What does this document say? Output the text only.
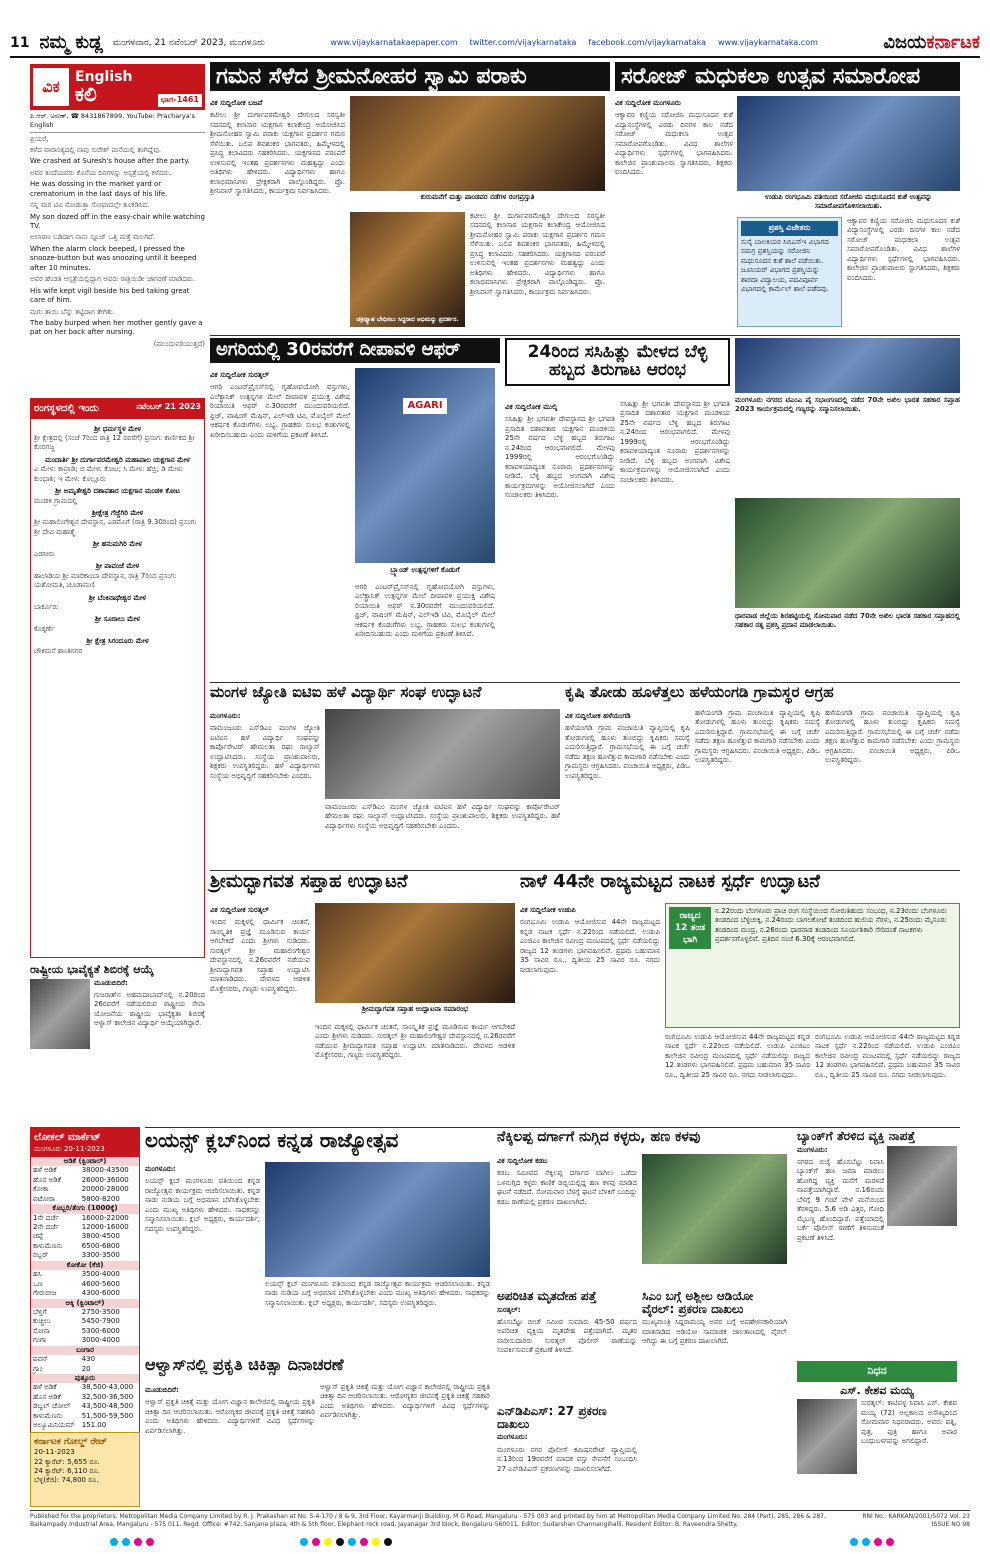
11 ನಮ್ಮ ಕುಡ್ಲ ಮಂಗಳವಾರ, 21 ನವೆಂಬರ್ 2023, ಮಂಗಳೂರು	www.vijaykarnatakaepaper.com twitter.com/vijaykarnataka facebook.com/vijaykarnataka www.vijaykarnataka.com	ವಿಜಯಕರ್ನಾಟಕ
ವಿಕ
English
ಕಲಿ	ಭಾಗ-1461

ಪಿ.ಆರ್. ಅರುಣ್, ☎ 8431867899, YouTube: Pracharya's English

ಪ್ರಿಯರೆ,

ಕಳೆದ ವಾರಾಂತ್ಯದಲ್ಲಿ ನಾವು ಸುರೇಶ್ ಮನೆಯಲ್ಲಿ ತಂಗಿದ್ದೆವು.

We crashed at Suresh's house after the party.

ಅವರ ತಂದೆಯವರು ಕೊನೆಯ ದಿನಗಳನ್ನು ಆಸ್ಪತ್ರೆಯಲ್ಲಿ ಕಳೆದರು.

He was dossing in the market yard or crematorium in the last days of his life.

ನನ್ನ ಮಗ ಟಿವಿ ನೋಡುತ್ತಾ ಸೋಫಾದಲ್ಲೇ ತೂಕಡಿಸಿದ.

My son dozed off in the easy-chair while watching TV.

ಅಲಾರಾಂ ಬಡಿದಾಗ ನಾನು ಸ್ನೂಜ್ ಒತ್ತಿ ಮತ್ತೆ ಮಲಗಿದೆ.

When the alarm clock beeped, I pressed the snooze-button but was snoozing until it beeped after 10 minutes.

ಅವರ ಹೆಂಡತಿ ಆಸ್ಪತ್ರೆಯಲ್ಲಿದ್ದಾಗ ಅವರು ರಾತ್ರಿಯಿಡೀ ಜಾಗರಣೆ ಮಾಡಿದರು.

His wife kept vigil beside his bed taking great care of him.

ಮಗು ತಾಯಿ ಬೆನ್ನು ತಟ್ಟಿದಾಗ ತೇಗಿತು.

The baby burped when her mother gently gave a pat on her back after nursing.

(ಮುಂದುವರಿಯುತ್ತದೆ)

ರಂಗಸ್ಥಳದಲ್ಲಿ ಇಂದು	ನವೆಂಬರ್ 21 2023
ಶ್ರೀ ಧರ್ಮಸ್ಥಳ ಮೇಳ
ಶ್ರೀ ಕ್ಷೇತ್ರದಲ್ಲಿ (ಸಂಜೆ 7ರಿಂದ ರಾತ್ರಿ 12 ರವರೆಗೆ) ಪ್ರಸಂಗ: ಕಾರ್ಣಿಕದ ಶ್ರೀ ಕೊರಗಜ್ಜ
ಮಂದಾರ್ತಿ ಶ್ರೀ ದುರ್ಗಾಪರಮೇಶ್ವರಿ ಮಹಾಪಾಲ ಯಕ್ಷಗಾನ ಮೇಳ
ಎ ಮೇಳ: ಕಾವ್ರಾಡಿ; ಬಿ ಮೇಳ: ಕೋಟ; ಸಿ ಮೇಳ: ಹೆಬ್ರಿ; ಡಿ ಮೇಳ: ಕುಂಭಾಶಿ; ಇ ಮೇಳ: ಕೊಲ್ಲೂರು
ಶ್ರೀ ಅಮೃತೇಶ್ವರಿ ದಶಾವತಾರ ಯಕ್ಷಗಾನ ಮಂಡಳಿ ಕೋಟ
ಮಂಡಳಿ ಗ್ರಾಮದಲ್ಲಿ
ಶ್ರೀಕ್ಷೇತ್ರ ಗೆಜ್ಜೆಗಿರಿ ಮೇಳ
ಶ್ರೀ ಮಹಾಲಿಂಗೇಶ್ವರ ದೇವಸ್ಥಾನ, ಎಡಮೊಗೆ (ರಾತ್ರಿ 9.30ರಿಂದ) ಪ್ರಸಂಗ: ಶ್ರೀ ದೇವಿ ಮಹಾತ್ಮೆ
ಶ್ರೀ ಹನುಮಗಿರಿ ಮೇಳ
ಎಡನೀರು
ಶ್ರೀ ಪಾವಂಜೆ ಮೇಳ
ಹಾಲಾಡಿಯ ಶ್ರೀ ಮಾರಿಕಾಂಬಾ ದೇವಸ್ಥಾನ, ರಾತ್ರಿ 7ರಿಂದ ಪ್ರಸಂಗ: ಯಶೋಮತಿ, ಚೂಡಾಮಣಿ
ಶ್ರೀ ಬೆಂಕಿನಾಥೇಶ್ವರ ಮೇಳ
ಬಾರ್ಕೂರು
ಶ್ರೀ ಸೂರಾಲು ಮೇಳ
ಕೊಕ್ಕರ್ಣೆ
ಶ್ರೀ ಕ್ಷೇತ್ರ ಸಿಗಂದೂರು ಮೇಳ
ಚೌಕಿಮನೆ ಶಾಂತಿನಗರ
ರಾಷ್ಟ್ರೀಯ ಭಾವೈಕ್ಯತೆ ಶಿಬಿರಕ್ಕೆ ಆಯ್ಕೆ
ಮೂಡುಬಿದಿರೆ:
ಗುಜರಾತ್‌ನ ಅಹಮದಾಬಾದ್‌ನಲ್ಲಿ ನ.20ರಿಂದ 26ರವರೆಗೆ ನಡೆಯಲಿರುವ ರಾಷ್ಟ್ರೀಯ ಸೇವಾ ಯೋಜನೆಯ ರಾಷ್ಟ್ರೀಯ ಭಾವೈಕ್ಯತಾ ಶಿಬಿರಕ್ಕೆ ಆಳ್ವಾಸ್ ಕಾಲೇಜಿನ ವಿದ್ಯಾರ್ಥಿ ಆಯ್ಕೆಯಾಗಿದ್ದಾರೆ.
ಲೋಕಲ್ ಮಾರ್ಕೆಟ್
ಮಂಗಳೂರು 20-11-2023
ಅಡಿಕೆ (ಕ್ವಿಂಟಾಲ್)	
ಹಳೆ ಅಡಿಕೆ	38000-43500
ಹೊಸ ಅಡಿಕೆ	26000-36000
ಕೋಕಾ	20000-28000
ಪಟೋರಾ	5800-8200
ಕೊಬ್ಬರಿ/ತೆಂಗು (1000ಕ್ಕೆ)	
1ನೇ ದರ್ಜೆ	16000-22000
2ನೇ ದರ್ಜೆ	12000-16000
ಚಪ್ಪೆ	3800-4500
ಕಾಳುಮೆಣಸು	6500-6800
ರಬ್ಬರ್	3300-3500
ಕೋಕೋ (ಕೆಜಿ)	
ಹಸಿ	3500-4000
ಒಣ	4600-5600
ಗೇರುಬೀಜ	4300-6000
ಅಕ್ಕಿ (ಕ್ವಿಂಟಾಲ್)	
ಬೆಳ್ತಿಗೆ	2750-3500
ಕುಚ್ಚಿಲು	5450-7900
ಸೋನಾ	5300-6000
ಗಂಗಾ	3000-4000
ಬಂಗಾರ	
ಪವನ್	430
ಗ್ರಾಂ	20
ಪುತ್ತೂರು	
ಹಳೆ ಅಡಿಕೆ	38,500-43,000
ಹೊಸ ಅಡಿಕೆ	32,500-36,500
ಡಬ್ಬಲ್ ಚೋಲ್	43,500-48,500
ಕಾಳುಮೆಣಸು	51,500-59,500
ಅಲ್ಯೂಮಿನಿಯಮ್	151.00

ಕರ್ನಾಟಕ ಗೋಲ್ಡ್ ರೇಟ್
20-11-2023
22 ಕ್ಯಾರೆಟ್: 5,655 ರೂ.
24 ಕ್ಯಾರೆಟ್: 6,110 ರೂ.
ಬೆಳ್ಳಿ(ಕೆಜಿ): 74,800 ರೂ.
ಗಮನ ಸೆಳೆದ ಶ್ರೀಮನೋಹರ ಸ್ವಾಮಿ ಪರಾಕು
ವಿಕ ಸುದ್ದಿಲೋಕ ಬಜಪೆ
ಕಟೀಲು ಶ್ರೀ ದುರ್ಗಾಪರಮೇಶ್ವರಿ ದೇಗುಲದ ಸರಸ್ವತೀ ಸದನದಲ್ಲಿ ಕಲಾಸಾರ ಯಕ್ಷಗಾನ ಕಲಾಕೇಂದ್ರ ಆಯೋಜಿಸಿದ ಶ್ರೀಮನೋಹರ ಸ್ವಾಮಿ ಪರಾಕು ಯಕ್ಷಗಾನ ಪ್ರದರ್ಶನ ಗಮನ ಸೆಳೆಯಿತು. ಬಲಿಪ ಶಿವಶಂಕರ ಭಾಗವತರು, ಹಿಮ್ಮೇಳದಲ್ಲಿ ಪ್ರಸಿದ್ಧ ಕಲಾವಿದರು ಸಹಕರಿಸಿದರು. ಯಕ್ಷಗಾನದ ಪರಂಪರೆ ಉಳಿಸುವಲ್ಲಿ ಇಂತಹ ಪ್ರದರ್ಶನಗಳು ಮಹತ್ವದ್ದು ಎಂದು ಅತಿಥಿಗಳು ಹೇಳಿದರು. ವಿದ್ಯಾರ್ಥಿಗಳು ಹಾಗೂ ಕಲಾಭಿಮಾನಿಗಳು ಪ್ರೇಕ್ಷಕರಾಗಿ ಪಾಲ್ಗೊಂಡಿದ್ದರು. ಪ್ರೊ. ಶ್ರೀನಿವಾಸ್ ಸ್ವಾಗತಿಸಿದರು, ಕಾರ್ಯಕ್ರಮ ನಿರ್ವಹಿಸಿದರು.
ಕುರುಮನೆಗೆ ಮತ್ತು ಪಾಂಡವರ ನಡೆಗಳ ರಂಗಪ್ರಸ್ತುತಿ
ಚಕ್ರವ್ಯೂಹ ಬೇಧಿಸಲು ಸಿದ್ಧನಾದ ಅಭಿಮನ್ಯು ಪ್ರದರ್ಶನ.
ಕಟೀಲು ಶ್ರೀ ದುರ್ಗಾಪರಮೇಶ್ವರಿ ದೇಗುಲದ ಸರಸ್ವತೀ ಸದನದಲ್ಲಿ ಕಲಾಸಾರ ಯಕ್ಷಗಾನ ಕಲಾಕೇಂದ್ರ ಆಯೋಜಿಸಿದ ಶ್ರೀಮನೋಹರ ಸ್ವಾಮಿ ಪರಾಕು ಯಕ್ಷಗಾನ ಪ್ರದರ್ಶನ ಗಮನ ಸೆಳೆಯಿತು. ಬಲಿಪ ಶಿವಶಂಕರ ಭಾಗವತರು, ಹಿಮ್ಮೇಳದಲ್ಲಿ ಪ್ರಸಿದ್ಧ ಕಲಾವಿದರು ಸಹಕರಿಸಿದರು. ಯಕ್ಷಗಾನದ ಪರಂಪರೆ ಉಳಿಸುವಲ್ಲಿ ಇಂತಹ ಪ್ರದರ್ಶನಗಳು ಮಹತ್ವದ್ದು ಎಂದು ಅತಿಥಿಗಳು ಹೇಳಿದರು. ವಿದ್ಯಾರ್ಥಿಗಳು ಹಾಗೂ ಕಲಾಭಿಮಾನಿಗಳು ಪ್ರೇಕ್ಷಕರಾಗಿ ಪಾಲ್ಗೊಂಡಿದ್ದರು. ಪ್ರೊ. ಶ್ರೀನಿವಾಸ್ ಸ್ವಾಗತಿಸಿದರು, ಕಾರ್ಯಕ್ರಮ ನಿರ್ವಹಿಸಿದರು.
ಸರೋಜ್ ಮಧುಕಲಾ ಉತ್ಸವ ಸಮಾರೋಪ
ವಿಕ ಸುದ್ದಿಲೋಕ ಮಂಗಳೂರು
ಆಕ್ವಾವರ ಕಣ್ಣಿಯ ಸರೋಜಿನಿ ಮಧುಸೂದನ ಕುಶೆ ವಿದ್ಯಾಸಂಸ್ಥೆಗಳಲ್ಲಿ ಎರಡು ದಿನಗಳ ಕಾಲ ನಡೆದ ಸರೋಜ್ ಮಧುಕಲಾ ಉತ್ಸವ ಸಮಾರೋಪಗೊಂಡಿತು. ವಿವಿಧ ಶಾಲೆಗಳ ವಿದ್ಯಾರ್ಥಿಗಳು ಸ್ಪರ್ಧೆಗಳಲ್ಲಿ ಭಾಗವಹಿಸಿದರು. ಕಾಲೇಜಿನ ಪ್ರಾಂಶುಪಾಲರು ಸ್ವಾಗತಿಸಿದರು, ಶಿಕ್ಷಕರು ವಂದಿಸಿದರು.
ಉಡುಪಿ ರಂಗಭೂಮಿ ವತಿಯಿಂದ ಸರೋಜಿನಿ ಮಧುಸೂದನ ಕುಶೆ ಉತ್ಸವನ್ನು ಸಮಾರೋಪಗೊಳಿಸಲಾಯಿತು.
ಪ್ರಶಸ್ತಿ ವಿಜೇತರು
ಸುನೈ ಬಾಲಕಿಯರ ಸಿಬಿಎಸ್‌ಇ ವಿಭಾಗದ ಸಮಗ್ರ ಪ್ರಶಸ್ತಿಯನ್ನು ಸರೋಜಿನಿ ಮಧುಸೂದನ ಕುಶೆ ಶಾಲೆ ಪಡೆಯಿತು. ಜೂನಿಯರ್ ವಿಭಾಗದ ಪ್ರಶಸ್ತಿಯನ್ನು ಶಾರದಾ ವಿದ್ಯಾಲಯ, ಪದವಿಪೂರ್ವ ವಿಭಾಗದಲ್ಲಿ ಕಾರ್ಮೆಲ್ ಶಾಲೆ ಪಡೆದವು.
ಆಕ್ವಾವರ ಕಣ್ಣಿಯ ಸರೋಜಿನಿ ಮಧುಸೂದನ ಕುಶೆ ವಿದ್ಯಾಸಂಸ್ಥೆಗಳಲ್ಲಿ ಎರಡು ದಿನಗಳ ಕಾಲ ನಡೆದ ಸರೋಜ್ ಮಧುಕಲಾ ಉತ್ಸವ ಸಮಾರೋಪಗೊಂಡಿತು. ವಿವಿಧ ಶಾಲೆಗಳ ವಿದ್ಯಾರ್ಥಿಗಳು ಸ್ಪರ್ಧೆಗಳಲ್ಲಿ ಭಾಗವಹಿಸಿದರು. ಕಾಲೇಜಿನ ಪ್ರಾಂಶುಪಾಲರು ಸ್ವಾಗತಿಸಿದರು, ಶಿಕ್ಷಕರು ವಂದಿಸಿದರು.
ಅಗರಿಯಲ್ಲಿ 30ರವರೆಗೆ ದೀಪಾವಳಿ ಆಫರ್
ವಿಕ ಸುದ್ದಿಲೋಕ ಸುರತ್ಕಲ್
ಆಗರಿ ಎಂಟರ್‌ಪ್ರೈಸಸ್‌ನಲ್ಲಿ ಗೃಹೋಪಯೋಗಿ ವಸ್ತುಗಳು, ಎಲೆಕ್ಟ್ರಾನಿಕ್ ಉತ್ಪನ್ನಗಳ ಮೇಲೆ ದೀಪಾವಳಿ ಪ್ರಯುಕ್ತ ವಿಶೇಷ ರಿಯಾಯಿತಿ ಆಫರ್ ನ.30ರವರೆಗೆ ಮುಂದುವರಿಯಲಿದೆ. ಫ್ರಿಜ್, ವಾಷಿಂಗ್ ಮೆಷಿನ್, ಎಲ್‌ಇಡಿ ಟಿವಿ, ಮೊಬೈಲ್ ಮೇಲೆ ಆಕರ್ಷಕ ಕೊಡುಗೆಗಳು ಲಭ್ಯ. ಗ್ರಾಹಕರು ಸುಲಭ ಕಂತುಗಳಲ್ಲಿ ಖರೀದಿಸಬಹುದು ಎಂದು ಮಳಿಗೆಯ ಪ್ರಕಟಣೆ ತಿಳಿಸಿದೆ.
AGARI
ಬ್ರ್ಯಾಂಡ್ ಉತ್ಪನ್ನಗಳಿಗೆ ಕೊಡುಗೆ
ಆಗರಿ ಎಂಟರ್‌ಪ್ರೈಸಸ್‌ನಲ್ಲಿ ಗೃಹೋಪಯೋಗಿ ವಸ್ತುಗಳು, ಎಲೆಕ್ಟ್ರಾನಿಕ್ ಉತ್ಪನ್ನಗಳ ಮೇಲೆ ದೀಪಾವಳಿ ಪ್ರಯುಕ್ತ ವಿಶೇಷ ರಿಯಾಯಿತಿ ಆಫರ್ ನ.30ರವರೆಗೆ ಮುಂದುವರಿಯಲಿದೆ. ಫ್ರಿಜ್, ವಾಷಿಂಗ್ ಮೆಷಿನ್, ಎಲ್‌ಇಡಿ ಟಿವಿ, ಮೊಬೈಲ್ ಮೇಲೆ ಆಕರ್ಷಕ ಕೊಡುಗೆಗಳು ಲಭ್ಯ. ಗ್ರಾಹಕರು ಸುಲಭ ಕಂತುಗಳಲ್ಲಿ ಖರೀದಿಸಬಹುದು ಎಂದು ಮಳಿಗೆಯ ಪ್ರಕಟಣೆ ತಿಳಿಸಿದೆ.
24ರಿಂದ ಸಸಿಹಿತ್ಲು ಮೇಳದ ಬೆಳ್ಳಿ ಹಬ್ಬದ ತಿರುಗಾಟ ಆರಂಭ
ವಿಕ ಸುದ್ದಿಲೋಕ ಮುಲ್ಕಿ
ಸಸಿಹಿತ್ಲು ಶ್ರೀ ಭಗವತೀ ದೇವಸ್ಥಾನದ ಶ್ರೀ ಭಗವತಿ ಪ್ರಸಾದಿತ ದಶಾವತಾರ ಯಕ್ಷಗಾನ ಮಂಡಳಿಯ 25ನೇ ವರ್ಷದ ಬೆಳ್ಳಿ ಹಬ್ಬದ ತಿರುಗಾಟ ನ.24ರಿಂದ ಆರಂಭವಾಗಲಿದೆ. ಮೇಳವು 1999ರಲ್ಲಿ ಆರಂಭಗೊಂಡಿದ್ದು ಕರಾವಳಿಯಾದ್ಯಂತ ನೂರಾರು ಪ್ರದರ್ಶನಗಳನ್ನು ನೀಡಿದೆ. ಬೆಳ್ಳಿ ಹಬ್ಬದ ಅಂಗವಾಗಿ ವಿಶೇಷ ಕಾರ್ಯಕ್ರಮಗಳನ್ನು ಆಯೋಜಿಸಲಾಗಿದೆ ಎಂದು ಸಂಚಾಲಕರು ತಿಳಿಸಿದರು.
ಸಸಿಹಿತ್ಲು ಶ್ರೀ ಭಗವತೀ ದೇವಸ್ಥಾನದ ಶ್ರೀ ಭಗವತಿ ಪ್ರಸಾದಿತ ದಶಾವತಾರ ಯಕ್ಷಗಾನ ಮಂಡಳಿಯ 25ನೇ ವರ್ಷದ ಬೆಳ್ಳಿ ಹಬ್ಬದ ತಿರುಗಾಟ ನ.24ರಿಂದ ಆರಂಭವಾಗಲಿದೆ. ಮೇಳವು 1999ರಲ್ಲಿ ಆರಂಭಗೊಂಡಿದ್ದು ಕರಾವಳಿಯಾದ್ಯಂತ ನೂರಾರು ಪ್ರದರ್ಶನಗಳನ್ನು ನೀಡಿದೆ. ಬೆಳ್ಳಿ ಹಬ್ಬದ ಅಂಗವಾಗಿ ವಿಶೇಷ ಕಾರ್ಯಕ್ರಮಗಳನ್ನು ಆಯೋಜಿಸಲಾಗಿದೆ ಎಂದು ಸಂಚಾಲಕರು ತಿಳಿಸಿದರು.
ಮಂಗಳೂರು ನಗರದ ಟಿಎಂಎ ಪೈ ಸಭಾಂಗಣದಲ್ಲಿ ನಡೆದ 70ನೇ ಅಖಿಲ ಭಾರತ ಸಹಕಾರ ಸಪ್ತಾಹ 2023 ಕಾರ್ಯಕ್ರಮದಲ್ಲಿ ಗಣ್ಯರನ್ನು ಸನ್ಮಾನಿಸಲಾಯಿತು.
ಧಾರವಾಡ ಜಿಲ್ಲೆಯ ಶಿರಹಟ್ಟಿಯಲ್ಲಿ ಸೋಮವಾರ ನಡೆದ 70ನೇ ಅಖಿಲ ಭಾರತ ಸಹಕಾರ ಸಪ್ತಾಹದಲ್ಲಿ ಸಹಕಾರ ರತ್ನ ಪ್ರಶಸ್ತಿ ಪ್ರದಾನ ಮಾಡಲಾಯಿತು.
ಮಂಗಳ ಜ್ಯೋತಿ ಐಟಿಐ ಹಳೆ ವಿದ್ಯಾರ್ಥಿ ಸಂಘ ಉದ್ಘಾಟನೆ
ಮಂಗಳೂರು:
ವಾಮಂಜೂರು ಎಸ್‌ಡಿಎಂ ಮಂಗಳ ಜ್ಯೋತಿ ಐಟಿಐನ ಹಳೆ ವಿದ್ಯಾರ್ಥಿ ಸಂಘವನ್ನು ಕಾರ್ಪೊರೇಟರ್ ಹೇಮಲತಾ ರಘು ಸಾಲ್ಯಾನ್ ಉದ್ಘಾಟಿಸಿದರು. ಸಂಸ್ಥೆಯ ಪ್ರಾಂಶುಪಾಲರು, ಶಿಕ್ಷಕರು ಉಪಸ್ಥಿತರಿದ್ದರು. ಹಳೆ ವಿದ್ಯಾರ್ಥಿಗಳು ಸಂಸ್ಥೆಯ ಅಭಿವೃದ್ಧಿಗೆ ಸಹಕರಿಸಬೇಕು ಎಂದರು.
ವಾಮಂಜೂರು ಎಸ್‌ಡಿಎಂ ಮಂಗಳ ಜ್ಯೋತಿ ಐಟಿಐನ ಹಳೆ ವಿದ್ಯಾರ್ಥಿ ಸಂಘವನ್ನು ಕಾರ್ಪೊರೇಟರ್ ಹೇಮಲತಾ ರಘು ಸಾಲ್ಯಾನ್ ಉದ್ಘಾಟಿಸಿದರು. ಸಂಸ್ಥೆಯ ಪ್ರಾಂಶುಪಾಲರು, ಶಿಕ್ಷಕರು ಉಪಸ್ಥಿತರಿದ್ದರು. ಹಳೆ ವಿದ್ಯಾರ್ಥಿಗಳು ಸಂಸ್ಥೆಯ ಅಭಿವೃದ್ಧಿಗೆ ಸಹಕರಿಸಬೇಕು ಎಂದರು.
ಕೃಷಿ ತೋಡು ಹೂಳೆತ್ತಲು ಹಳೆಯಂಗಡಿ ಗ್ರಾಮಸ್ಥರ ಆಗ್ರಹ
ವಿಕ ಸುದ್ದಿಲೋಕ ಹಳೆಯಂಗಡಿ
ಹಳೆಯಂಗಡಿ ಗ್ರಾಮ ಪಂಚಾಯಿತಿ ವ್ಯಾಪ್ತಿಯಲ್ಲಿ ಕೃಷಿ ತೋಡುಗಳಲ್ಲಿ ಹೂಳು ತುಂಬಿದ್ದು ಕೃಷಿಕರು ಸಮಸ್ಯೆ ಎದುರಿಸುತ್ತಿದ್ದಾರೆ. ಗ್ರಾಮಸಭೆಯಲ್ಲಿ ಈ ಬಗ್ಗೆ ಚರ್ಚೆ ನಡೆದು ತಕ್ಷಣ ಹೂಳೆತ್ತುವ ಕಾಮಗಾರಿ ನಡೆಸಬೇಕು ಎಂದು ಗ್ರಾಮಸ್ಥರು ಆಗ್ರಹಿಸಿದರು. ಪಂಚಾಯಿತಿ ಅಧ್ಯಕ್ಷರು, ಪಿಡಿಒ ಉಪಸ್ಥಿತರಿದ್ದರು.
ಹಳೆಯಂಗಡಿ ಗ್ರಾಮ ಪಂಚಾಯಿತಿ ವ್ಯಾಪ್ತಿಯಲ್ಲಿ ಕೃಷಿ ತೋಡುಗಳಲ್ಲಿ ಹೂಳು ತುಂಬಿದ್ದು ಕೃಷಿಕರು ಸಮಸ್ಯೆ ಎದುರಿಸುತ್ತಿದ್ದಾರೆ. ಗ್ರಾಮಸಭೆಯಲ್ಲಿ ಈ ಬಗ್ಗೆ ಚರ್ಚೆ ನಡೆದು ತಕ್ಷಣ ಹೂಳೆತ್ತುವ ಕಾಮಗಾರಿ ನಡೆಸಬೇಕು ಎಂದು ಗ್ರಾಮಸ್ಥರು ಆಗ್ರಹಿಸಿದರು. ಪಂಚಾಯಿತಿ ಅಧ್ಯಕ್ಷರು, ಪಿಡಿಒ ಉಪಸ್ಥಿತರಿದ್ದರು.
ಹಳೆಯಂಗಡಿ ಗ್ರಾಮ ಪಂಚಾಯಿತಿ ವ್ಯಾಪ್ತಿಯಲ್ಲಿ ಕೃಷಿ ತೋಡುಗಳಲ್ಲಿ ಹೂಳು ತುಂಬಿದ್ದು ಕೃಷಿಕರು ಸಮಸ್ಯೆ ಎದುರಿಸುತ್ತಿದ್ದಾರೆ. ಗ್ರಾಮಸಭೆಯಲ್ಲಿ ಈ ಬಗ್ಗೆ ಚರ್ಚೆ ನಡೆದು ತಕ್ಷಣ ಹೂಳೆತ್ತುವ ಕಾಮಗಾರಿ ನಡೆಸಬೇಕು ಎಂದು ಗ್ರಾಮಸ್ಥರು ಆಗ್ರಹಿಸಿದರು. ಪಂಚಾಯಿತಿ ಅಧ್ಯಕ್ಷರು, ಪಿಡಿಒ ಉಪಸ್ಥಿತರಿದ್ದರು.
ಶ್ರೀಮದ್ಭಾಗವತ ಸಪ್ತಾಹ ಉದ್ಘಾಟನೆ
ವಿಕ ಸುದ್ದಿಲೋಕ ಸುರತ್ಕಲ್
ಇಂದಿನ ಮಕ್ಕಳಲ್ಲಿ ಧಾರ್ಮಿಕ ಚಿಂತನೆ, ಸಾಂಸ್ಕೃತಿಕ ಪ್ರಜ್ಞೆ ಮೂಡಿಸುವ ಕಾರ್ಯ ಆಗಬೇಕಿದೆ ಎಂದು ಶ್ರೀಗಳು ನುಡಿದರು. ಸುರತ್ಕಲ್ ಶ್ರೀ ಮಹಾಲಿಂಗೇಶ್ವರ ದೇವಸ್ಥಾನದಲ್ಲಿ ನ.26ರವರೆಗೆ ನಡೆಯುವ ಶ್ರೀಮದ್ಭಾಗವತ ಸಪ್ತಾಹ ಉದ್ಘಾಟಿಸಿ ಮಾತನಾಡಿದರು. ದೇವಳದ ಆಡಳಿತ ಮೊಕ್ತೇಸರರು, ಗಣ್ಯರು ಉಪಸ್ಥಿತರಿದ್ದರು.
ಶ್ರೀಮದ್ಭಾಗವತ ಸಪ್ತಾಹ ಉದ್ಘಾಟನಾ ಸಮಾರಂಭ
ಇಂದಿನ ಮಕ್ಕಳಲ್ಲಿ ಧಾರ್ಮಿಕ ಚಿಂತನೆ, ಸಾಂಸ್ಕೃತಿಕ ಪ್ರಜ್ಞೆ ಮೂಡಿಸುವ ಕಾರ್ಯ ಆಗಬೇಕಿದೆ ಎಂದು ಶ್ರೀಗಳು ನುಡಿದರು. ಸುರತ್ಕಲ್ ಶ್ರೀ ಮಹಾಲಿಂಗೇಶ್ವರ ದೇವಸ್ಥಾನದಲ್ಲಿ ನ.26ರವರೆಗೆ ನಡೆಯುವ ಶ್ರೀಮದ್ಭಾಗವತ ಸಪ್ತಾಹ ಉದ್ಘಾಟಿಸಿ ಮಾತನಾಡಿದರು. ದೇವಳದ ಆಡಳಿತ ಮೊಕ್ತೇಸರರು, ಗಣ್ಯರು ಉಪಸ್ಥಿತರಿದ್ದರು.
ನಾಳೆ 44ನೇ ರಾಜ್ಯಮಟ್ಟದ ನಾಟಕ ಸ್ಪರ್ಧೆ ಉದ್ಘಾಟನೆ
ವಿಕ ಸುದ್ದಿಲೋಕ ಉಡುಪಿ
ರಂಗಭೂಮಿ ಉಡುಪಿ ಆಯೋಜಿಸುವ 44ನೇ ರಾಜ್ಯಮಟ್ಟದ ಕನ್ನಡ ನಾಟಕ ಸ್ಪರ್ಧೆ ನ.22ರಿಂದ ನಡೆಯಲಿದೆ. ಉಡುಪಿ ಎಂಜಿಎಂ ಕಾಲೇಜಿನ ರವೀಂದ್ರ ಮಂಟಪದಲ್ಲಿ ಸ್ಪರ್ಧೆ ನಡೆಯಲಿದ್ದು ರಾಜ್ಯದ 12 ತಂಡಗಳು ಭಾಗವಹಿಸಲಿವೆ. ಪ್ರಥಮ ಬಹುಮಾನ 35 ಸಾವಿರ ರೂ., ದ್ವಿತೀಯ 25 ಸಾವಿರ ರೂ. ನಗದು ನೀಡಲಾಗುವುದು.
ರಾಜ್ಯದ 12 ತಂಡ ಭಾಗಿ
ನ.22ರಂದು ಬೆಂಗಳೂರು ಪ್ರಾಚಿ ರಂಗ ಸಂಸ್ಥೆಯಿಂದ ಸೋರುತಿಹುದು ಸಂಬಂಧ, ನ.23ರಂದು ಬೆಂಗಳೂರು ತಂಡದಿಂದ ಬೆಳ್ಳಿಚುಕ್ಕಿ, ನ.24ರಂದು ಬಾಗಲಕೋಟೆ ತಂಡದಿಂದ ಹುಲಿಯ ನೆರಳು, ನ.25ರಂದು ಮೈಸೂರು ತಂಡದಿಂದ ಮಂದ್ರ, ನ.26ರಂದು ಧಾರವಾಡ ತಂಡದಿಂದ ಸೂರ್ಯಶಿಕಾರಿ ಸೇರಿದಂತೆ ನಾಟಕಗಳು ಪ್ರದರ್ಶನಗೊಳ್ಳಲಿವೆ. ಪ್ರತಿದಿನ ಸಂಜೆ 6.30ಕ್ಕೆ ಆರಂಭವಾಗಲಿದೆ.
ರಂಗಭೂಮಿ ಉಡುಪಿ ಆಯೋಜಿಸುವ 44ನೇ ರಾಜ್ಯಮಟ್ಟದ ಕನ್ನಡ ನಾಟಕ ಸ್ಪರ್ಧೆ ನ.22ರಿಂದ ನಡೆಯಲಿದೆ. ಉಡುಪಿ ಎಂಜಿಎಂ ಕಾಲೇಜಿನ ರವೀಂದ್ರ ಮಂಟಪದಲ್ಲಿ ಸ್ಪರ್ಧೆ ನಡೆಯಲಿದ್ದು ರಾಜ್ಯದ 12 ತಂಡಗಳು ಭಾಗವಹಿಸಲಿವೆ. ಪ್ರಥಮ ಬಹುಮಾನ 35 ಸಾವಿರ ರೂ., ದ್ವಿತೀಯ 25 ಸಾವಿರ ರೂ. ನಗದು ನೀಡಲಾಗುವುದು.
ರಂಗಭೂಮಿ ಉಡುಪಿ ಆಯೋಜಿಸುವ 44ನೇ ರಾಜ್ಯಮಟ್ಟದ ಕನ್ನಡ ನಾಟಕ ಸ್ಪರ್ಧೆ ನ.22ರಿಂದ ನಡೆಯಲಿದೆ. ಉಡುಪಿ ಎಂಜಿಎಂ ಕಾಲೇಜಿನ ರವೀಂದ್ರ ಮಂಟಪದಲ್ಲಿ ಸ್ಪರ್ಧೆ ನಡೆಯಲಿದ್ದು ರಾಜ್ಯದ 12 ತಂಡಗಳು ಭಾಗವಹಿಸಲಿವೆ. ಪ್ರಥಮ ಬಹುಮಾನ 35 ಸಾವಿರ ರೂ., ದ್ವಿತೀಯ 25 ಸಾವಿರ ರೂ. ನಗದು ನೀಡಲಾಗುವುದು.
ಲಯನ್ಸ್ ಕ್ಲಬ್‌ನಿಂದ ಕನ್ನಡ ರಾಜ್ಯೋತ್ಸವ
ಮಂಗಳೂರು:
ಲಯನ್ಸ್ ಕ್ಲಬ್ ಮಂಗಳೂರು ವತಿಯಿಂದ ಕನ್ನಡ ರಾಜ್ಯೋತ್ಸವ ಕಾರ್ಯಕ್ರಮ ಆಚರಿಸಲಾಯಿತು. ಕನ್ನಡ ನಾಡು ನುಡಿಯ ಬಗ್ಗೆ ಅಭಿಮಾನ ಬೆಳೆಸಿಕೊಳ್ಳಬೇಕು ಎಂದು ಮುಖ್ಯ ಅತಿಥಿಗಳು ಹೇಳಿದರು. ಸಾಧಕರನ್ನು ಸನ್ಮಾನಿಸಲಾಯಿತು. ಕ್ಲಬ್ ಅಧ್ಯಕ್ಷರು, ಕಾರ್ಯದರ್ಶಿ, ಸದಸ್ಯರು ಉಪಸ್ಥಿತರಿದ್ದರು.
ಲಯನ್ಸ್ ಕ್ಲಬ್ ಮಂಗಳೂರು ವತಿಯಿಂದ ಕನ್ನಡ ರಾಜ್ಯೋತ್ಸವ ಕಾರ್ಯಕ್ರಮ ಆಚರಿಸಲಾಯಿತು. ಕನ್ನಡ ನಾಡು ನುಡಿಯ ಬಗ್ಗೆ ಅಭಿಮಾನ ಬೆಳೆಸಿಕೊಳ್ಳಬೇಕು ಎಂದು ಮುಖ್ಯ ಅತಿಥಿಗಳು ಹೇಳಿದರು. ಸಾಧಕರನ್ನು ಸನ್ಮಾನಿಸಲಾಯಿತು. ಕ್ಲಬ್ ಅಧ್ಯಕ್ಷರು, ಕಾರ್ಯದರ್ಶಿ, ಸದಸ್ಯರು ಉಪಸ್ಥಿತರಿದ್ದರು.
ಆಳ್ವಾಸ್‌ನಲ್ಲಿ ಪ್ರಕೃತಿ ಚಿಕಿತ್ಸಾ ದಿನಾಚರಣೆ
ಮೂಡುಬಿದಿರೆ:
ಆಳ್ವಾಸ್ ಪ್ರಕೃತಿ ಚಿಕಿತ್ಸೆ ಮತ್ತು ಯೋಗ ವಿಜ್ಞಾನ ಕಾಲೇಜಿನಲ್ಲಿ ರಾಷ್ಟ್ರೀಯ ಪ್ರಕೃತಿ ಚಿಕಿತ್ಸಾ ದಿನ ಆಚರಿಸಲಾಯಿತು. ಆರೋಗ್ಯಕರ ಜೀವನಕ್ಕೆ ಪ್ರಕೃತಿ ಚಿಕಿತ್ಸೆ ಸಹಕಾರಿ ಎಂದು ಅತಿಥಿಗಳು ಹೇಳಿದರು. ವಿದ್ಯಾರ್ಥಿಗಳಿಗೆ ವಿವಿಧ ಸ್ಪರ್ಧೆಗಳನ್ನು ಏರ್ಪಡಿಸಲಾಗಿತ್ತು.
ಆಳ್ವಾಸ್ ಪ್ರಕೃತಿ ಚಿಕಿತ್ಸೆ ಮತ್ತು ಯೋಗ ವಿಜ್ಞಾನ ಕಾಲೇಜಿನಲ್ಲಿ ರಾಷ್ಟ್ರೀಯ ಪ್ರಕೃತಿ ಚಿಕಿತ್ಸಾ ದಿನ ಆಚರಿಸಲಾಯಿತು. ಆರೋಗ್ಯಕರ ಜೀವನಕ್ಕೆ ಪ್ರಕೃತಿ ಚಿಕಿತ್ಸೆ ಸಹಕಾರಿ ಎಂದು ಅತಿಥಿಗಳು ಹೇಳಿದರು. ವಿದ್ಯಾರ್ಥಿಗಳಿಗೆ ವಿವಿಧ ಸ್ಪರ್ಧೆಗಳನ್ನು ಏರ್ಪಡಿಸಲಾಗಿತ್ತು.
ನೆಕ್ಕಿಲಪ್ಪ ದರ್ಗಾಗೆ ನುಗ್ಗಿದ ಕಳ್ಳರು, ಹಣ ಕಳವು
ವಿಕ ಸುದ್ದಿಲೋಕ ಕಡಬ
ಕಡಬ ಸಮೀಪದ ನೆಕ್ಕಿಲಪ್ಪ ದರ್ಗಾದ ಬಾಗಿಲು ಒಡೆದು ಒಳನುಗ್ಗಿದ ಕಳ್ಳರು ಕಾಣಿಕೆ ಡಬ್ಬಿಯಲ್ಲಿದ್ದ ಹಣ ಕಳವು ಮಾಡಿದ ಘಟನೆ ನಡೆದಿದೆ. ಸೋಮವಾರ ಬೆಳಗ್ಗೆ ಘಟನೆ ಬೆಳಕಿಗೆ ಬಂದಿದ್ದು ಕಡಬ ಠಾಣೆಯಲ್ಲಿ ಪ್ರಕರಣ ದಾಖಲಾಗಿದೆ.
ಅಪರಿಚಿತ ಮೃತದೇಹ ಪತ್ತೆ
ಸುರತ್ಕಲ್:
ಹೊಸಬೆಟ್ಟು ಬೀಚ್ ಸಮೀಪ ಸುಮಾರು 45-50 ವರ್ಷದ ಅಪರಿಚಿತ ವ್ಯಕ್ತಿಯ ಮೃತದೇಹ ಪತ್ತೆಯಾಗಿದೆ. ಮೃತರ ವಾರೀಸುದಾರರು ಸುರತ್ಕಲ್ ಪೊಲೀಸ್ ಠಾಣೆಯನ್ನು ಸಂಪರ್ಕಿಸುವಂತೆ ಪ್ರಕಟಣೆ ತಿಳಿಸಿದೆ.
ಸಿಎಂ ಬಗ್ಗೆ ಅಶ್ಲೀಲ ಆಡಿಯೋ ವೈರಲ್: ಪ್ರಕರಣ ದಾಖಲು
ಮುಖ್ಯಮಂತ್ರಿ ಸಿದ್ದರಾಮಯ್ಯ ಅವರ ಬಗ್ಗೆ ಅವಹೇಳನಕಾರಿಯಾಗಿ ಮಾತನಾಡಿದ ಆಡಿಯೋ ಸಾಮಾಜಿಕ ಜಾಲತಾಣದಲ್ಲಿ ವೈರಲ್ ಆಗಿದ್ದು ಈ ಬಗ್ಗೆ ಪ್ರಕರಣ ದಾಖಲಾಗಿದೆ.
ಎನ್‌ಡಿಪಿಎಸ್: 27 ಪ್ರಕರಣ ದಾಖಲು
ಮಂಗಳೂರು:
ಮಂಗಳೂರು ನಗರ ಪೊಲೀಸ್ ಕಮಿಷನರೇಟ್ ವ್ಯಾಪ್ತಿಯಲ್ಲಿ ನ.13ರಿಂದ 19ರವರೆಗೆ ಮಾದಕ ವಸ್ತು ಸೇವನೆಗೆ ಸಂಬಂಧಿಸಿ 27 ಎನ್‌ಡಿಪಿಎಸ್ ಪ್ರಕರಣಗಳನ್ನು ದಾಖಲಿಸಲಾಗಿದೆ.
ಬ್ಯಾಂಕ್‌ಗೆ ತೆರಳಿದ ವ್ಯಕ್ತಿ ನಾಪತ್ತೆ
ಮಂಗಳೂರು:
ನಗರದ ಬಿಜೈ ಹೊಸಬೆಟ್ಟು ನಿವಾಸಿ ಬ್ಯಾಂಕ್‌ಗೆ ಹಣ ಜಮಾ ಮಾಡಲು ಹೋಗಿದ್ದ ವ್ಯಕ್ತಿ ಮನೆಗೆ ಮರಳದೆ ನಾಪತ್ತೆಯಾಗಿದ್ದಾರೆ. ನ.16ರಂದು ಬೆಳಗ್ಗೆ 9 ಗಂಟೆ ವೇಳೆ ಮನೆಯಿಂದ ತೆರಳಿದ್ದರು. 5.6 ಅಡಿ ಎತ್ತರ, ಗೋಧಿ ಮೈಬಣ್ಣ ಹೊಂದಿದ್ದಾರೆ. ಪತ್ತೆಯಾದಲ್ಲಿ ಬರ್ಕೆ ಪೊಲೀಸ್ ಠಾಣೆಗೆ ತಿಳಿಸುವಂತೆ ಪ್ರಕಟಣೆ ತಿಳಿಸಿದೆ.
ನಿಧನ
ಎಸ್. ಕೇಶವ ಮಯ್ಯ
ಸುರತ್ಕಲ್: ಕಾಟಿಪಳ್ಳ ನಿವಾಸಿ ಎಸ್. ಕೇಶವ ಮಯ್ಯ (72) ಅಲ್ಪಕಾಲದ ಅಸೌಖ್ಯದಿಂದ ಸೋಮವಾರ ನಿಧನರಾದರು. ಅವರು ಪತ್ನಿ, ಪುತ್ರ, ಪುತ್ರಿ ಹಾಗೂ ಅಪಾರ ಬಂಧುಬಳಗವನ್ನು ಅಗಲಿದ್ದಾರೆ.
Published for the proprietors, Metropolitan Media Company Limited by R. J. Prakashan at No. 5-4-170 / 8 & 9, 3rd Floor, Kayarmanji Building, M G Road, Mangaluru - 575 003 and printed by him at Metropolitan Media Company Limited No. 284 (Part), 285, 286 & 287, Baikampady Industrial Area, Mangaluru - 575 011. Regd. Office: #742, Sanjana plaza, 4th & 5th floor, Elephant rock road, Jayanagar 3rd block, Bengaluru-560011. Editor: Sudarshan Channangihalli. Resident Editor: B. Raveendra Shetty.
RNI No.: KARKAN/2001/5072 Vol. 23 ISSUE NO 98
